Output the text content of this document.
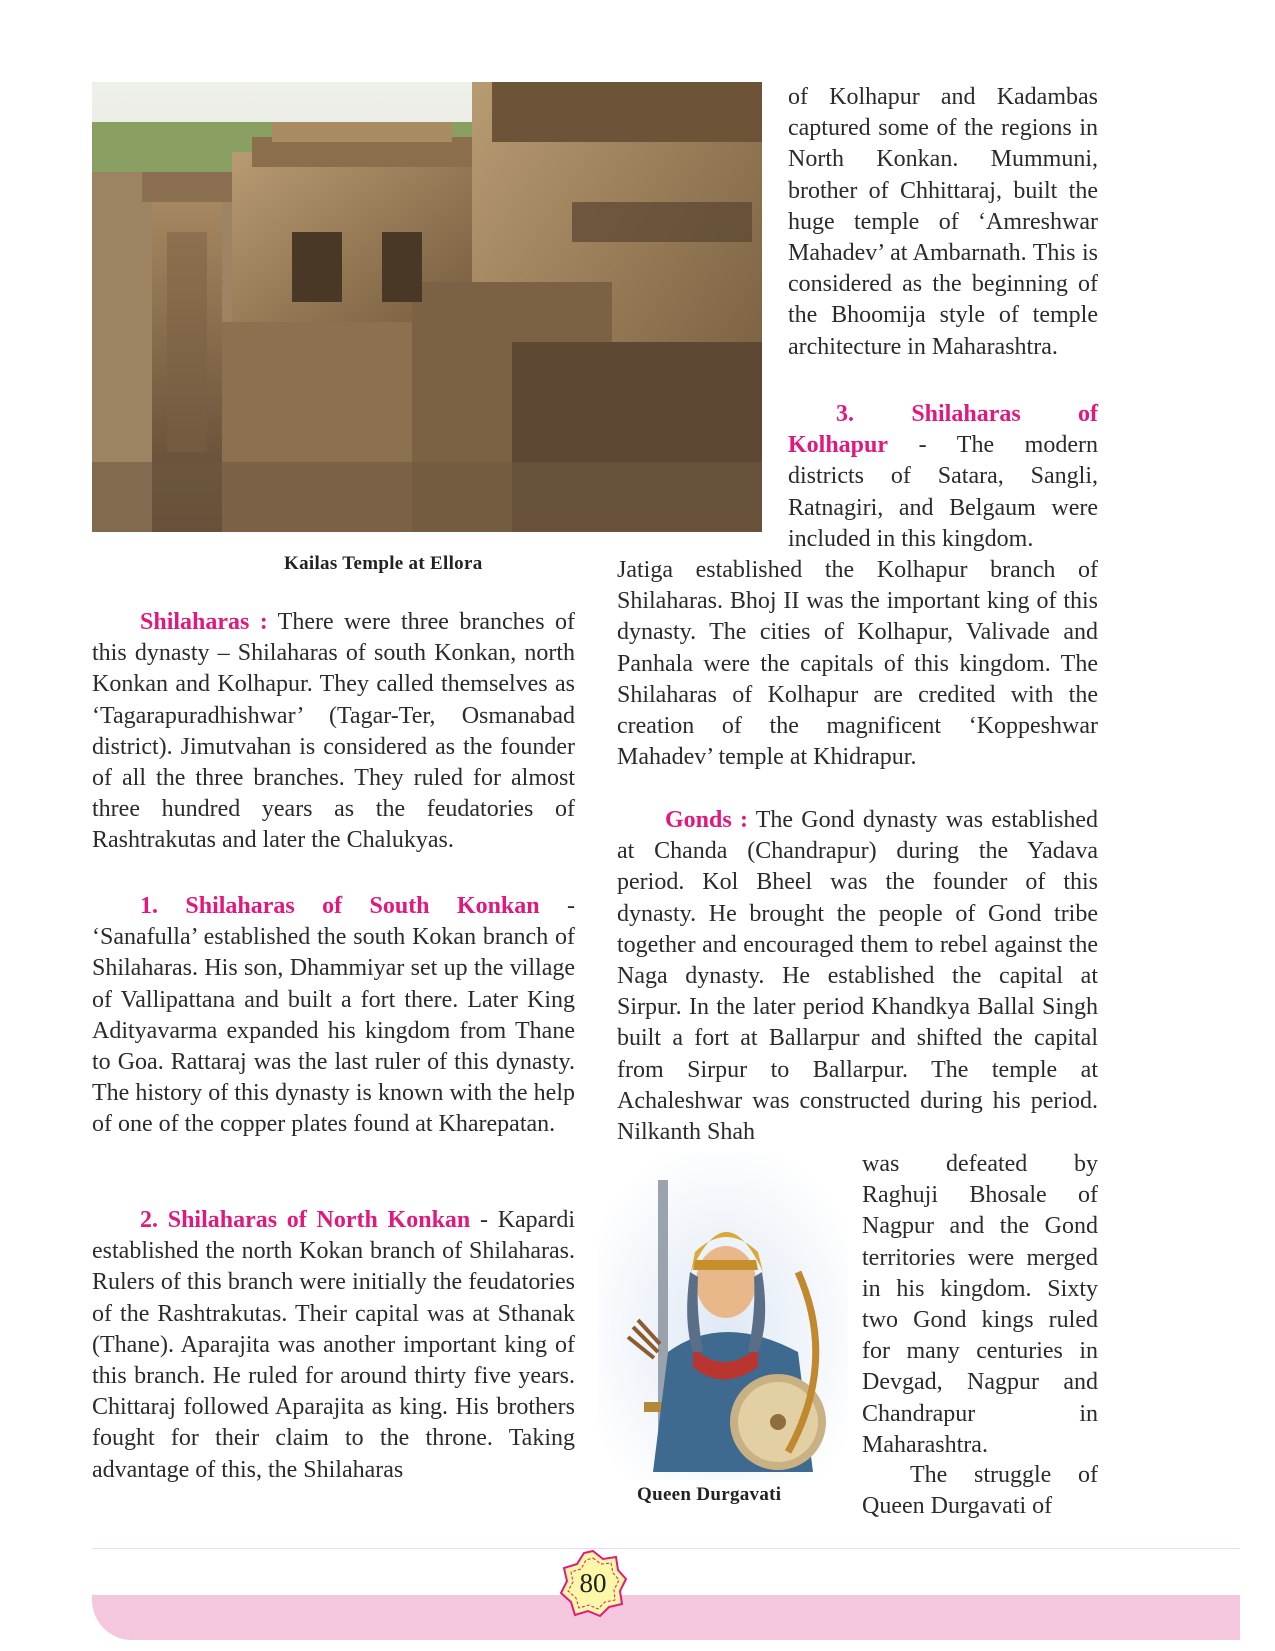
Kailas Temple at Ellora

Shilaharas : There were three branches of this dynasty – Shilaharas of south Konkan, north Konkan and Kolhapur. They called themselves as ‘Tagarapuradhishwar’ (Tagar-Ter, Osmanabad district). Jimutvahan is considered as the founder of all the three branches. They ruled for almost three hundred years as the feudatories of Rashtrakutas and later the Chalukyas.

1. Shilaharas of South Konkan - ‘Sanafulla’ established the south Kokan branch of Shilaharas. His son, Dhammiyar set up the village of Vallipattana and built a fort there. Later King Adityavarma expanded his kingdom from Thane to Goa. Rattaraj was the last ruler of this dynasty. The history of this dynasty is known with the help of one of the copper plates found at Kharepatan.

2. Shilaharas of North Konkan - Kapardi established the north Kokan branch of Shilaharas. Rulers of this branch were initially the feudatories of the Rashtrakutas. Their capital was at Sthanak (Thane). Aparajita was another important king of this branch. He ruled for around thirty five years. Chittaraj followed Aparajita as king. His brothers fought for their claim to the throne. Taking advantage of this, the Shilaharas

of Kolhapur and Kadambas captured some of the regions in North Konkan. Mummuni, brother of Chhittaraj, built the huge temple of ‘Amreshwar Mahadev’ at Ambarnath. This is considered as the beginning of the Bhoomija style of temple architecture in Maharashtra.

3. Shilaharas of Kolhapur - The modern districts of Satara, Sangli, Ratnagiri, and Belgaum were included in this kingdom.

Jatiga established the Kolhapur branch of Shilaharas. Bhoj II was the important king of this dynasty. The cities of Kolhapur, Valivade and Panhala were the capitals of this kingdom. The Shilaharas of Kolhapur are credited with the creation of the magnificent ‘Koppeshwar Mahadev’ temple at Khidrapur.

Gonds : The Gond dynasty was established at Chanda (Chandrapur) during the Yadava period. Kol Bheel was the founder of this dynasty. He brought the people of Gond tribe together and encouraged them to rebel against the Naga dynasty. He established the capital at Sirpur. In the later period Khandkya Ballal Singh built a fort at Ballarpur and shifted the capital from Sirpur to Ballarpur. The temple at Achaleshwar was constructed during his period. Nilkanth Shah

Queen Durgavati

was defeated by Raghuji Bhosale of Nagpur and the Gond territories were merged in his kingdom. Sixty two Gond kings ruled for many centuries in Devgad, Nagpur and Chandrapur in Maharashtra.

The struggle of Queen Durgavati of

80
